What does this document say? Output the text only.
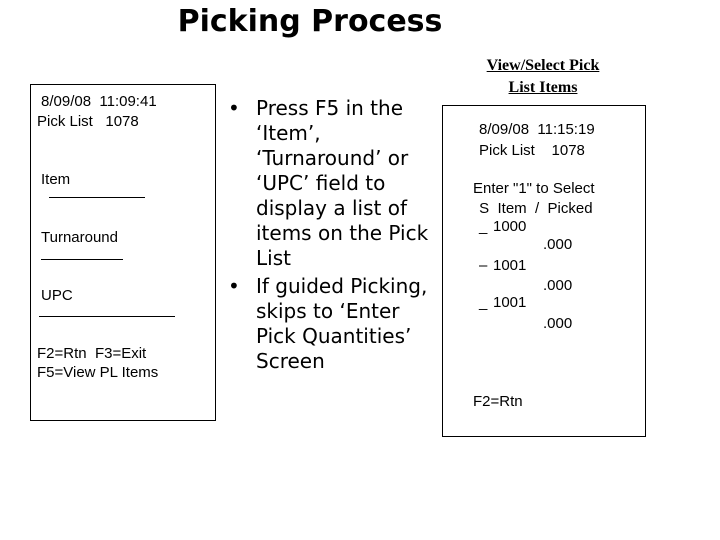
Picking Process
8/09/08  11:09:41
Pick List   1078
Item
Turnaround
UPC
F2=Rtn  F3=Exit
F5=View PL Items
• Press F5 in the ‘Item’, ‘Turnaround’ or ‘UPC’ field to display a list of items on the Pick List
• If guided Picking, skips to ‘Enter Pick Quantities’ Screen
View/Select Pick
List Items
8/09/08  11:15:19
Pick List    1078
Enter "1" to Select
S  Item  /  Picked
_ 1000
.000
‒ 1001
.000
_ 1001
.000
F2=Rtn
